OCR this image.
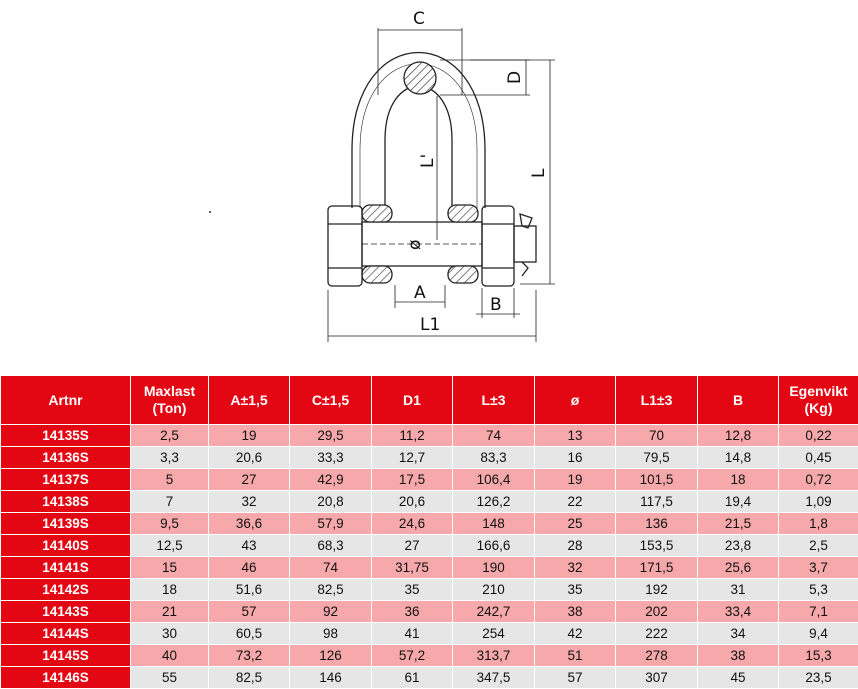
C
D
L'
L
ø
A
B
L1
Artnr	Maxlast (Ton)	A±1,5	C±1,5	D1	L±3	ø	L1±3	B	Egenvikt (Kg)
14135S	2,5	19	29,5	11,2	74	13	70	12,8	0,22
14136S	3,3	20,6	33,3	12,7	83,3	16	79,5	14,8	0,45
14137S	5	27	42,9	17,5	106,4	19	101,5	18	0,72
14138S	7	32	20,8	20,6	126,2	22	117,5	19,4	1,09
14139S	9,5	36,6	57,9	24,6	148	25	136	21,5	1,8
14140S	12,5	43	68,3	27	166,6	28	153,5	23,8	2,5
14141S	15	46	74	31,75	190	32	171,5	25,6	3,7
14142S	18	51,6	82,5	35	210	35	192	31	5,3
14143S	21	57	92	36	242,7	38	202	33,4	7,1
14144S	30	60,5	98	41	254	42	222	34	9,4
14145S	40	73,2	126	57,2	313,7	51	278	38	15,3
14146S	55	82,5	146	61	347,5	57	307	45	23,5
